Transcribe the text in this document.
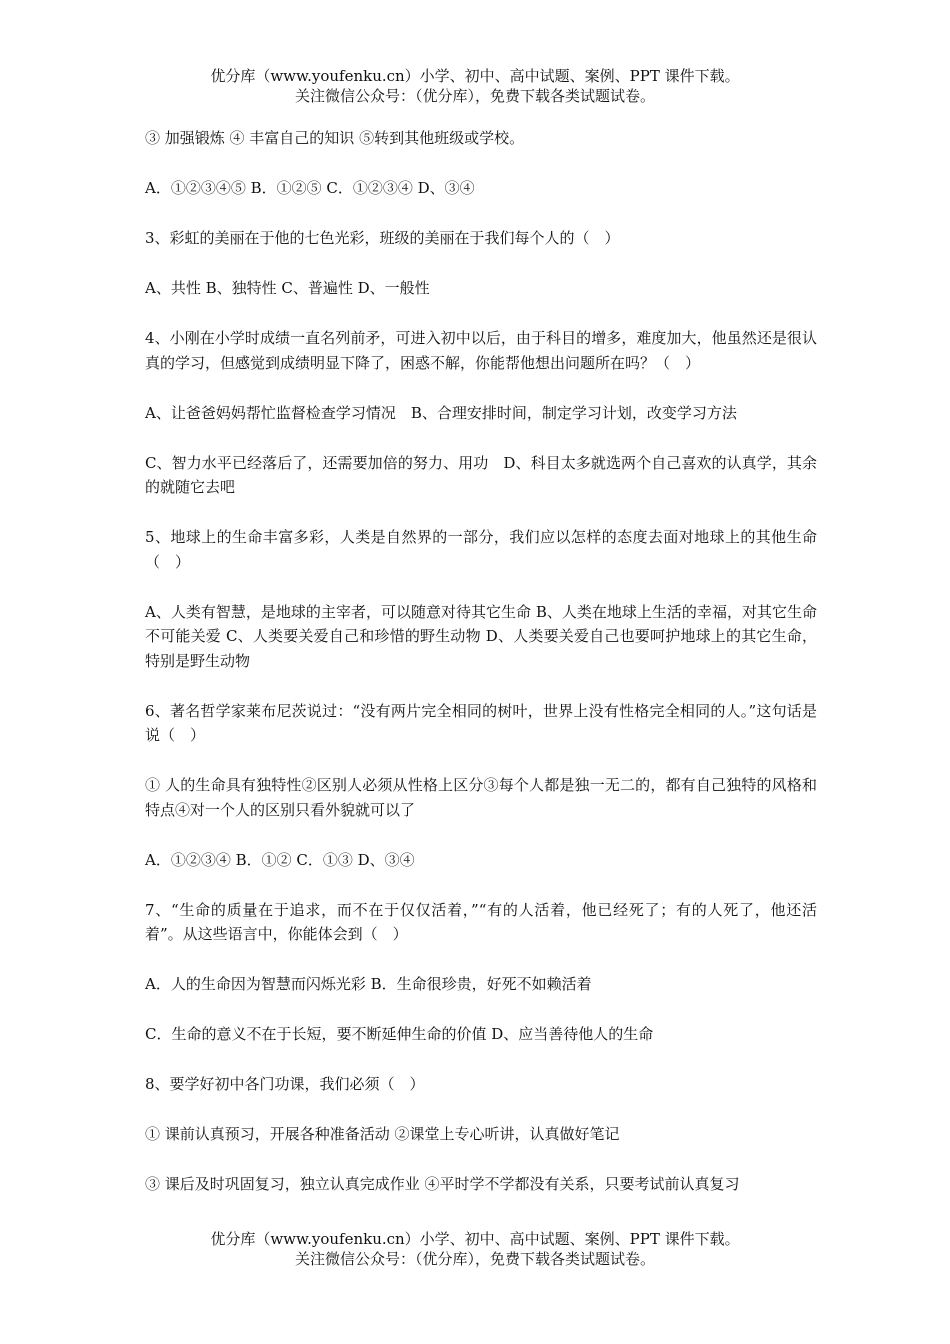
优分库（www.youfenku.cn）小学、初中、高中试题、案例、PPT 课件下载。
关注微信公众号：（优分库），免费下载各类试题试卷。

③ 加强锻炼 ④ 丰富自己的知识 ⑤转到其他班级或学校。

A．①②③④⑤ B．①②⑤ C．①②③④ D、③④

3、彩虹的美丽在于他的七色光彩，班级的美丽在于我们每个人的（　）

A、共性 B、独特性 C、普遍性 D、一般性

4、小刚在小学时成绩一直名列前矛，可进入初中以后，由于科目的增多，难度加大，他虽然还是很认真的学习，但感觉到成绩明显下降了，困惑不解，你能帮他想出问题所在吗？（　）

A、让爸爸妈妈帮忙监督检查学习情况　B、合理安排时间，制定学习计划，改变学习方法

C、智力水平已经落后了，还需要加倍的努力、用功　D、科目太多就选两个自己喜欢的认真学，其余的就随它去吧

5、地球上的生命丰富多彩，人类是自然界的一部分，我们应以怎样的态度去面对地球上的其他生命（　）

A、人类有智慧，是地球的主宰者，可以随意对待其它生命 B、人类在地球上生活的幸福，对其它生命不可能关爱 C、人类要关爱自己和珍惜的野生动物 D、人类要关爱自己也要呵护地球上的其它生命，特别是野生动物

6、著名哲学家莱布尼茨说过：“没有两片完全相同的树叶，世界上没有性格完全相同的人。”这句话是说（　）

① 人的生命具有独特性②区别人必须从性格上区分③每个人都是独一无二的，都有自己独特的风格和特点④对一个人的区别只看外貌就可以了

A．①②③④ B．①② C．①③ D、③④

7、“生命的质量在于追求，而不在于仅仅活着，”“有的人活着，他已经死了；有的人死了，他还活着”。从这些语言中，你能体会到（　）

A．人的生命因为智慧而闪烁光彩 B．生命很珍贵，好死不如赖活着

C．生命的意义不在于长短，要不断延伸生命的价值 D、应当善待他人的生命

8、要学好初中各门功课，我们必须（　）

① 课前认真预习，开展各种准备活动 ②课堂上专心听讲，认真做好笔记

③ 课后及时巩固复习，独立认真完成作业 ④平时学不学都没有关系，只要考试前认真复习

优分库（www.youfenku.cn）小学、初中、高中试题、案例、PPT 课件下载。
关注微信公众号：（优分库），免费下载各类试题试卷。
